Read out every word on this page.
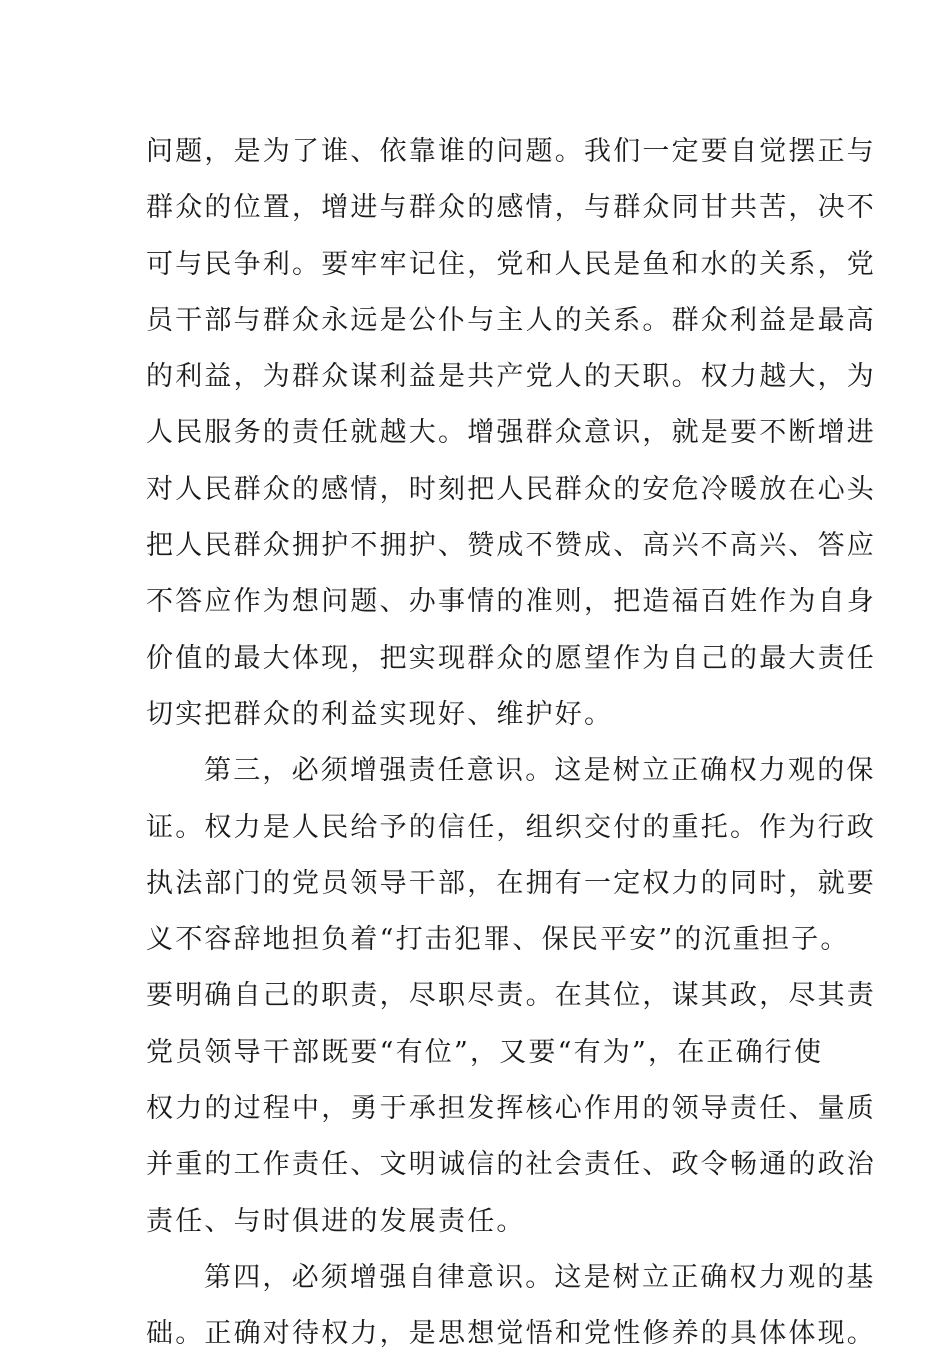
问题，是为了谁、依靠谁的问题。我们一定要自觉摆正与
群众的位置，增进与群众的感情，与群众同甘共苦，决不
可与民争利。要牢牢记住，党和人民是鱼和水的关系，党
员干部与群众永远是公仆与主人的关系。群众利益是最高
的利益，为群众谋利益是共产党人的天职。权力越大，为
人民服务的责任就越大。增强群众意识，就是要不断增进
对人民群众的感情，时刻把人民群众的安危冷暖放在心头
把人民群众拥护不拥护、赞成不赞成、高兴不高兴、答应
不答应作为想问题、办事情的准则，把造福百姓作为自身
价值的最大体现，把实现群众的愿望作为自己的最大责任
切实把群众的利益实现好、维护好。
第三，必须增强责任意识。这是树立正确权力观的保
证。权力是人民给予的信任，组织交付的重托。作为行政
执法部门的党员领导干部，在拥有一定权力的同时，就要
义不容辞地担负着“打击犯罪、保民平安”的沉重担子。
要明确自己的职责，尽职尽责。在其位，谋其政，尽其责
党员领导干部既要“有位”，又要“有为”，在正确行使
权力的过程中，勇于承担发挥核心作用的领导责任、量质
并重的工作责任、文明诚信的社会责任、政令畅通的政治
责任、与时俱进的发展责任。
第四，必须增强自律意识。这是树立正确权力观的基
础。正确对待权力，是思想觉悟和党性修养的具体体现。
